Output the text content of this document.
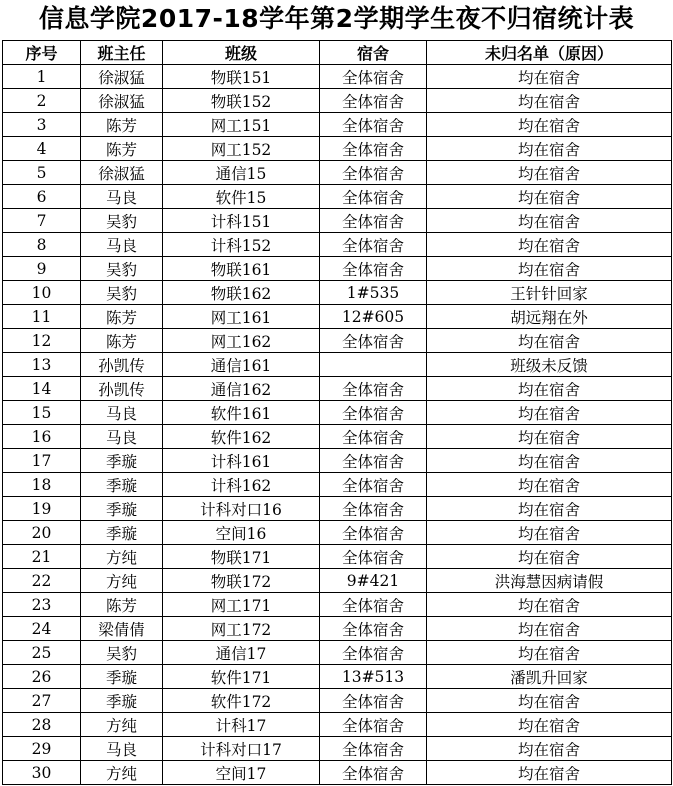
信息学院2017-18学年第2学期学生夜不归宿统计表
序号	班主任	班级	宿舍	未归名单（原因）
1	徐淑猛	物联151	全体宿舍	均在宿舍
2	徐淑猛	物联152	全体宿舍	均在宿舍
3	陈芳	网工151	全体宿舍	均在宿舍
4	陈芳	网工152	全体宿舍	均在宿舍
5	徐淑猛	通信15	全体宿舍	均在宿舍
6	马良	软件15	全体宿舍	均在宿舍
7	吴豹	计科151	全体宿舍	均在宿舍
8	马良	计科152	全体宿舍	均在宿舍
9	吴豹	物联161	全体宿舍	均在宿舍
10	吴豹	物联162	1#535	王针针回家
11	陈芳	网工161	12#605	胡远翔在外
12	陈芳	网工162	全体宿舍	均在宿舍
13	孙凯传	通信161		班级未反馈
14	孙凯传	通信162	全体宿舍	均在宿舍
15	马良	软件161	全体宿舍	均在宿舍
16	马良	软件162	全体宿舍	均在宿舍
17	季璇	计科161	全体宿舍	均在宿舍
18	季璇	计科162	全体宿舍	均在宿舍
19	季璇	计科对口16	全体宿舍	均在宿舍
20	季璇	空间16	全体宿舍	均在宿舍
21	方纯	物联171	全体宿舍	均在宿舍
22	方纯	物联172	9#421	洪海慧因病请假
23	陈芳	网工171	全体宿舍	均在宿舍
24	梁倩倩	网工172	全体宿舍	均在宿舍
25	吴豹	通信17	全体宿舍	均在宿舍
26	季璇	软件171	13#513	潘凯升回家
27	季璇	软件172	全体宿舍	均在宿舍
28	方纯	计科17	全体宿舍	均在宿舍
29	马良	计科对口17	全体宿舍	均在宿舍
30	方纯	空间17	全体宿舍	均在宿舍
